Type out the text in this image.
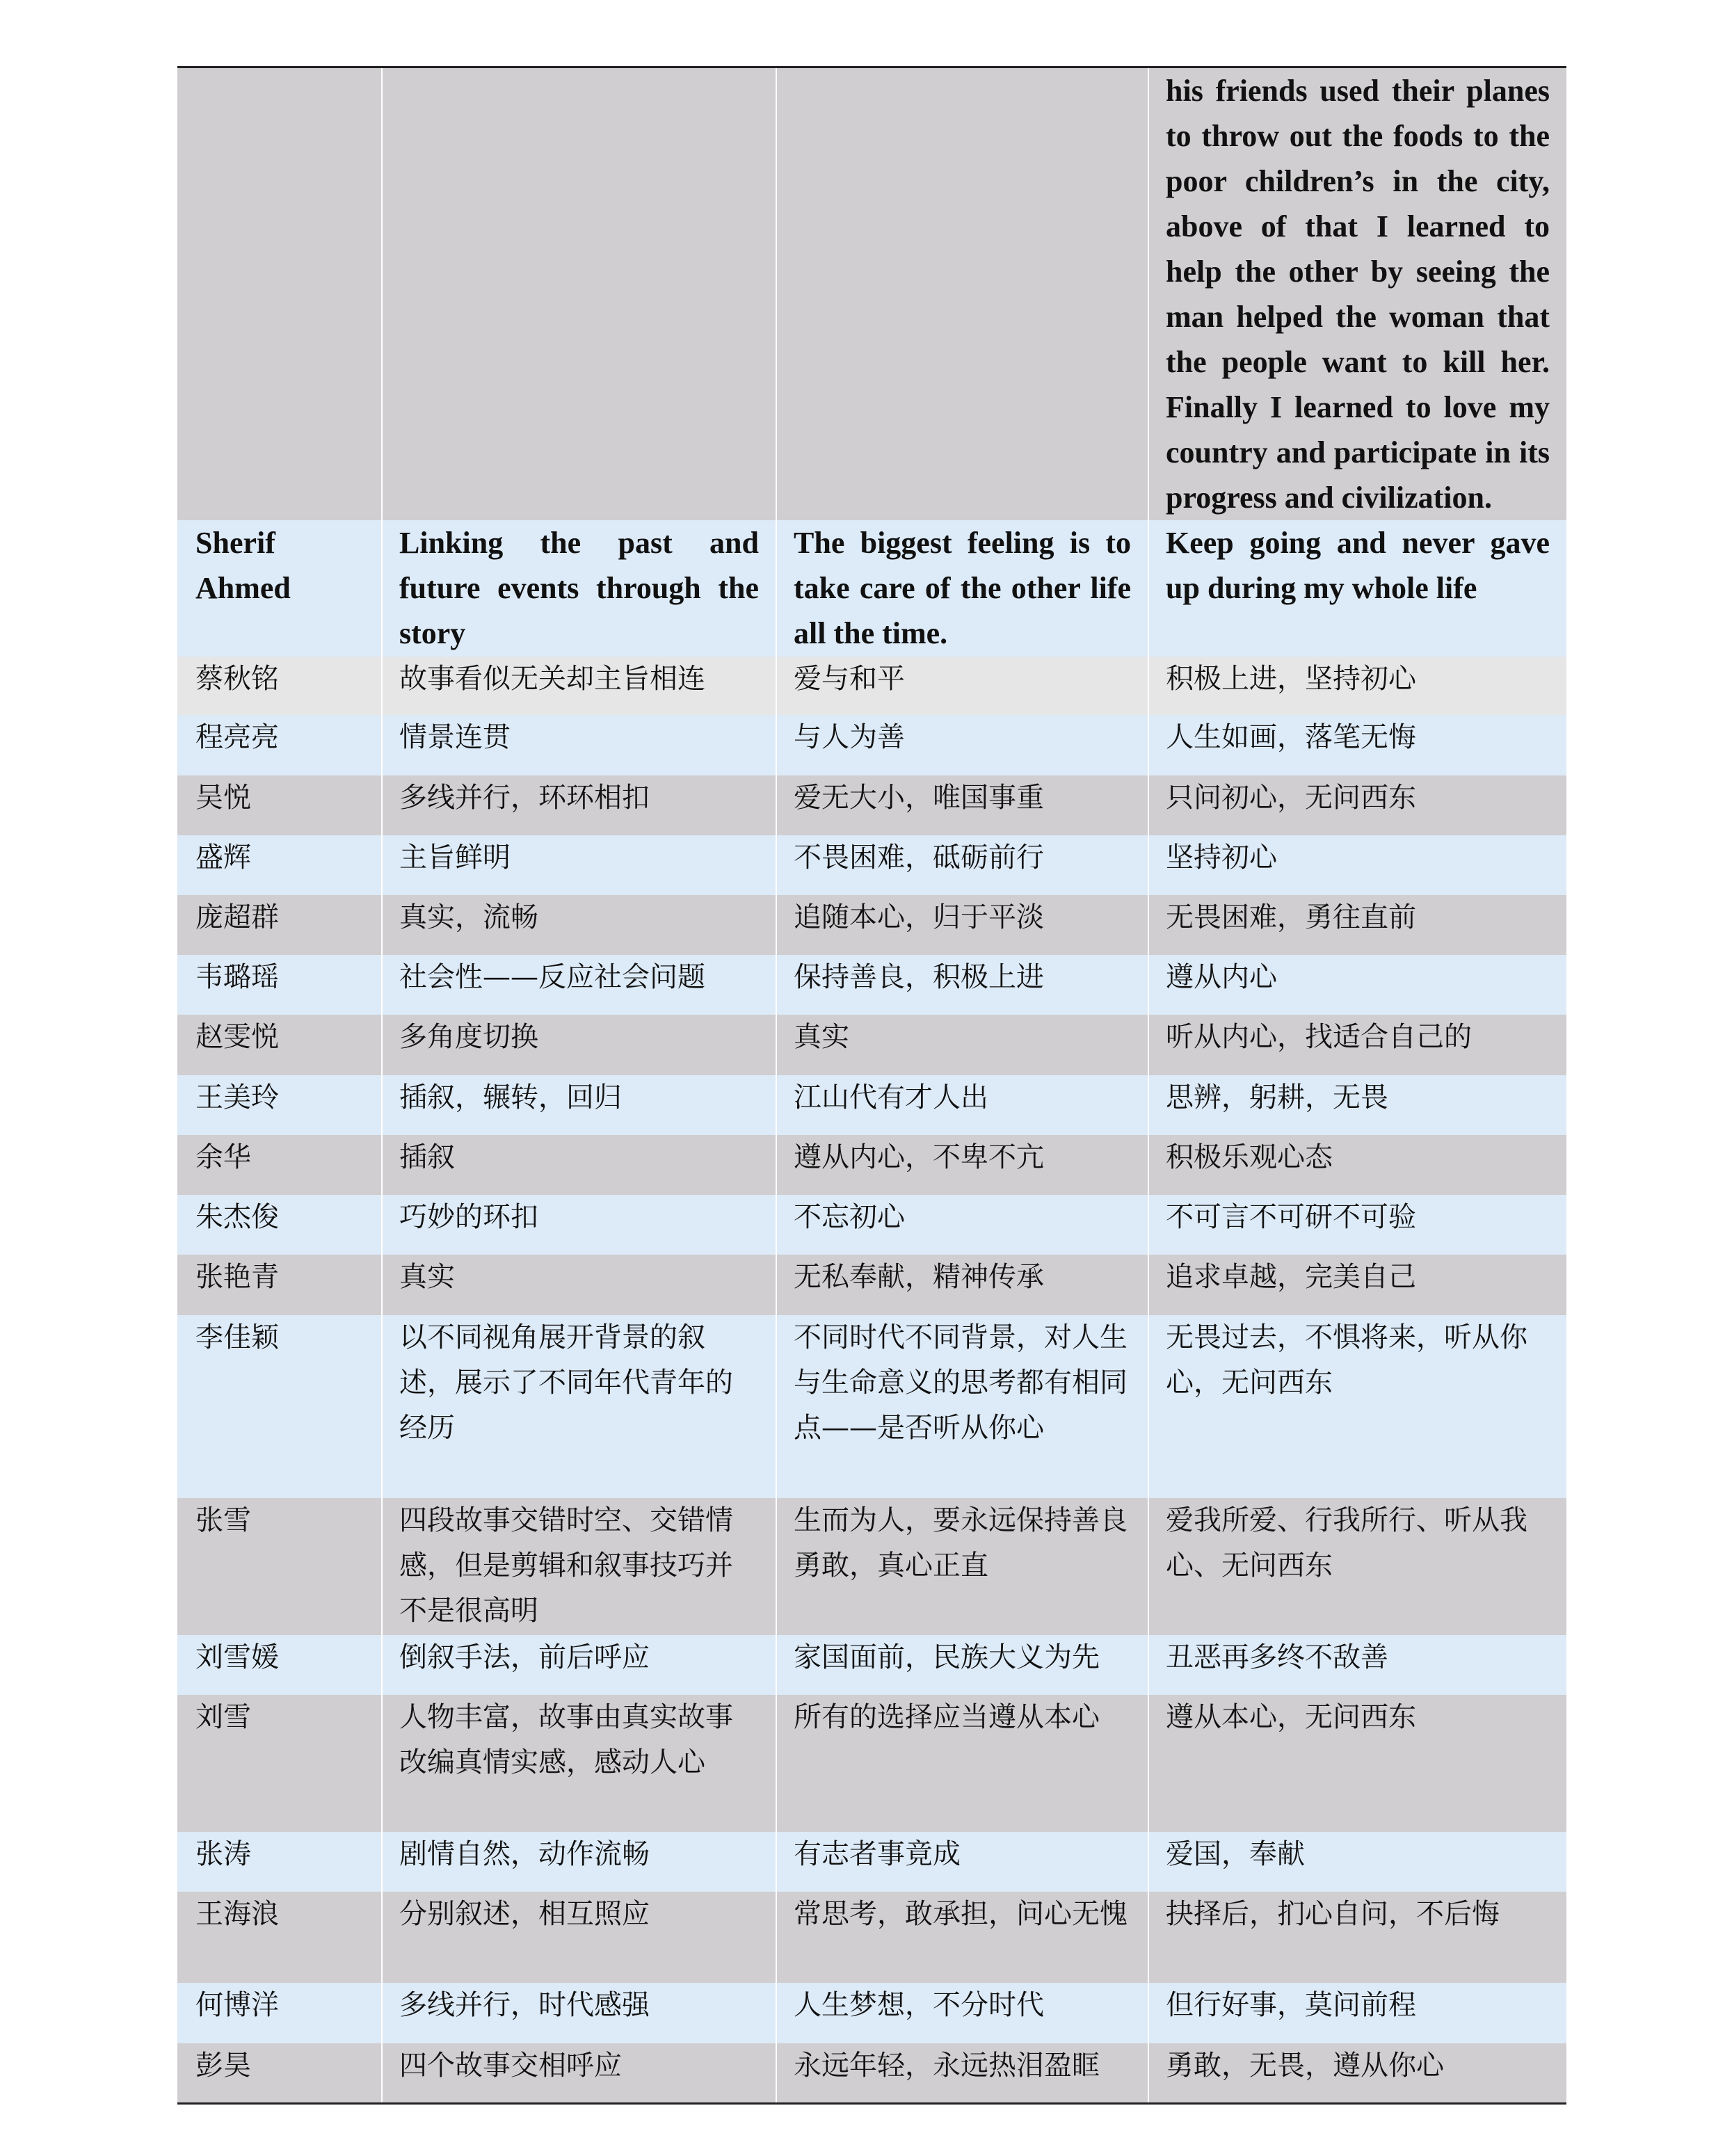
			his friends used their planes to throw out the foods to the poor children’s in the city, above of that I learned to help the other by seeing the man helped the woman that the people want to kill her. Finally I learned to love my country and participate in its progress and civilization.
Sherif Ahmed	Linking the past and future events through the story	The biggest feeling is to take care of the other life all the time.	Keep going and never gave up during my whole life
蔡秋铭	故事看似无关却主旨相连	爱与和平	积极上进，坚持初心
程亮亮	情景连贯	与人为善	人生如画，落笔无悔
吴悦	多线并行，环环相扣	爱无大小，唯国事重	只问初心，无问西东
盛辉	主旨鲜明	不畏困难，砥砺前行	坚持初心
庞超群	真实，流畅	追随本心，归于平淡	无畏困难，勇往直前
韦璐瑶	社会性——反应社会问题	保持善良，积极上进	遵从内心
赵雯悦	多角度切换	真实	听从内心，找适合自己的
王美玲	插叙，辗转，回归	江山代有才人出	思辨，躬耕，无畏
余华	插叙	遵从内心，不卑不亢	积极乐观心态
朱杰俊	巧妙的环扣	不忘初心	不可言不可研不可验
张艳青	真实	无私奉献，精神传承	追求卓越，完美自己
李佳颖	以不同视角展开背景的叙述，展示了不同年代青年的经历	不同时代不同背景，对人生与生命意义的思考都有相同点——是否听从你心	无畏过去，不惧将来，听从你心，无问西东
张雪	四段故事交错时空、交错情感，但是剪辑和叙事技巧并不是很高明	生而为人，要永远保持善良勇敢，真心正直	爱我所爱、行我所行、听从我心、无问西东
刘雪媛	倒叙手法，前后呼应	家国面前，民族大义为先	丑恶再多终不敌善
刘雪	人物丰富，故事由真实故事改编真情实感，感动人心	所有的选择应当遵从本心	遵从本心，无问西东
张涛	剧情自然，动作流畅	有志者事竟成	爱国，奉献
王海浪	分别叙述，相互照应	常思考，敢承担，问心无愧	抉择后，扪心自问，不后悔
何博洋	多线并行，时代感强	人生梦想，不分时代	但行好事，莫问前程
彭昊	四个故事交相呼应	永远年轻，永远热泪盈眶	勇敢，无畏，遵从你心
